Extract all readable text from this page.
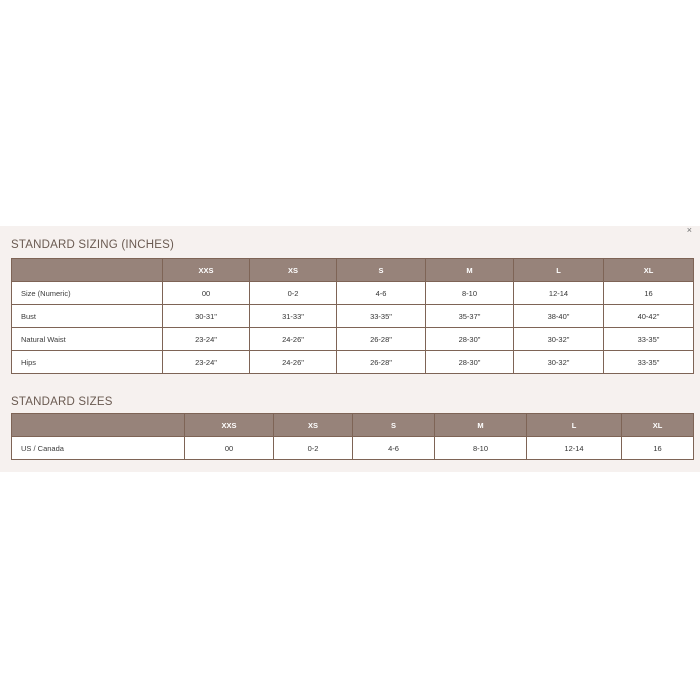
×
STANDARD SIZING (INCHES)
	XXS	XS	S	M	L	XL
Size (Numeric)	00	0-2	4-6	8-10	12-14	16
Bust	30-31"	31-33"	33-35"	35-37"	38-40"	40-42"
Natural Waist	23-24"	24-26"	26-28"	28-30"	30-32"	33-35"
Hips	23-24"	24-26"	26-28"	28-30"	30-32"	33-35"
STANDARD SIZES
	XXS	XS	S	M	L	XL
US / Canada	00	0-2	4-6	8-10	12-14	16
